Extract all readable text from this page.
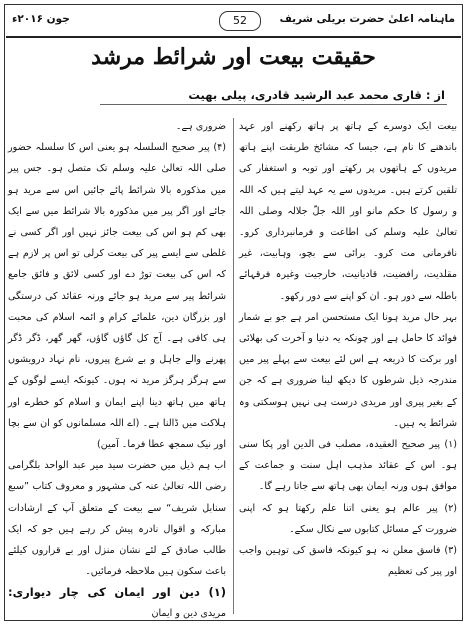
ماہنامہ اعلیٰ حضرت بریلی شریف
52
جون ۲۰۱۶ء
حقیقت بیعت اور شرائط مرشد
از : قاری محمد عبد الرشید قادری، پیلی بھیت

بیعت ایک دوسرے کے ہاتھ پر ہاتھ رکھنے اور عہد باندھنے کا نام ہے، جیسا کہ مشائخ طریقت اپنے ہاتھ مریدوں کے ہاتھوں پر رکھتے اور توبہ و استغفار کی تلقین کرتے ہیں۔ مریدوں سے یہ عہد لیتے ہیں کہ اللہ و رسول کا حکم مانو اور اللہ جلّ جلالہ وصلی اللہ تعالیٰ علیہ وسلم کی اطاعت و فرمانبرداری کرو۔ نافرمانی مت کرو۔ برائی سے بچو، وہابیت، غیر مقلدیت، رافضیت، قادیانیت، خارجیت وغیرہ فرقہائے باطلہ سے دور ہو۔ ان کو اپنے سے دور رکھو۔

بہر حال مرید ہونا ایک مستحسن امر ہے جو بے شمار فوائد کا حامل ہے اور چونکہ یہ دنیا و آخرت کی بھلائی اور برکت کا ذریعہ ہے اس لئے بیعت سے پہلے پیر میں مندرجہ ذیل شرطوں کا دیکھ لینا ضروری ہے کہ جن کے بغیر پیری اور مریدی درست ہی نہیں ہوسکتی وہ شرائط یہ ہیں۔

(۱) پیر صحیح العقیدہ، مصلب فی الدین اور پکا سنی ہو۔ اس کے عقائد مذہب اہل سنت و جماعت کے موافق ہوں ورنہ ایمان بھی ہاتھ سے جاتا رہے گا۔

(۲) پیر عالم ہو یعنی اتنا علم رکھتا ہو کہ اپنی ضرورت کے مسائل کتابوں سے نکال سکے۔

(۳) فاسق معلن نہ ہو کیونکہ فاسق کی توہین واجب اور پیر کی تعظیم

ضروری ہے۔

(۴) پیر صحیح السلسلہ ہو یعنی اس کا سلسلہ حضور صلی اللہ تعالیٰ علیہ وسلم تک متصل ہو۔ جس پیر میں مذکورہ بالا شرائط پائے جائیں اس سے مرید ہو جائے اور اگر پیر میں مذکورہ بالا شرائط میں سے ایک بھی کم ہو اس کی بیعت جائز نہیں اور اگر کسی نے غلطی سے ایسے پیر کی بیعت کرلی تو اس پر لازم ہے کہ اس کی بیعت توڑ دے اور کسی لائق و فائق جامع شرائط پیر سے مرید ہو جائے ورنہ عقائد کی درستگی اور بزرگان دین، علمائے کرام و ائمہ اسلام کی محبت ہی کافی ہے۔ آج کل گاؤں گاؤں، گھر گھر، ڈگر ڈگر پھرنے والے جاہل و بے شرع پیروں، نام نہاد درویشوں سے ہرگز ہرگز مرید نہ ہوں۔ کیونکہ ایسے لوگوں کے ہاتھ میں ہاتھ دینا اپنے ایمان و اسلام کو خطرے اور ہلاکت میں ڈالنا ہے۔ (اے اللہ مسلمانوں کو ان سے بچا اور نیک سمجھ عطا فرما۔ آمین)

اب ہم ذیل میں حضرت سید میر عبد الواحد بلگرامی رضی اللہ تعالیٰ عنہ کی مشہور و معروف کتاب ”سبع سنابل شریف“ سے بیعت کے متعلق آپ کے ارشادات مبارکہ و اقوال نادرہ پیش کر رہے ہیں جو کہ ایک طالب صادق کے لئے نشان منزل اور بے قراروں کیلئے باعث سکون ہیں ملاحظہ فرمائیں۔

(۱) دین اور ایمان کی چار دیواری: مریدی دین و ایمان
